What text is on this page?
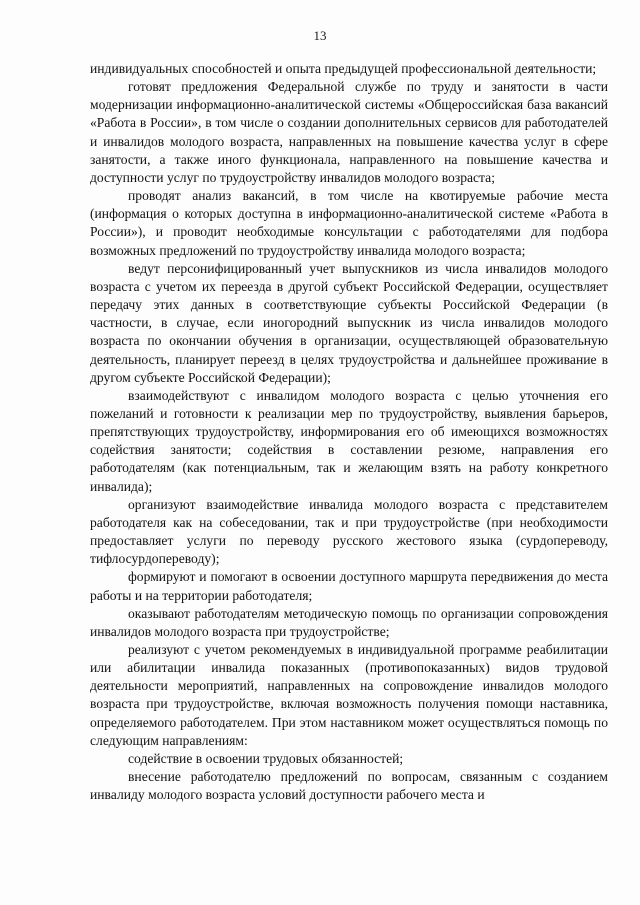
13

индивидуальных способностей и опыта предыдущей профессиональной деятельности;

готовят предложения Федеральной службе по труду и занятости в части модернизации информационно-аналитической системы «Общероссийская база вакансий «Работа в России», в том числе о создании дополнительных сервисов для работодателей и инвалидов молодого возраста, направленных на повышение качества услуг в сфере занятости, а также иного функционала, направленного на повышение качества и доступности услуг по трудоустройству инвалидов молодого возраста;

проводят анализ вакансий, в том числе на квотируемые рабочие места (информация о которых доступна в информационно-аналитической системе «Работа в России»), и проводит необходимые консультации с работодателями для подбора возможных предложений по трудоустройству инвалида молодого возраста;

ведут персонифицированный учет выпускников из числа инвалидов молодого возраста с учетом их переезда в другой субъект Российской Федерации, осуществляет передачу этих данных в соответствующие субъекты Российской Федерации (в частности, в случае, если иногородний выпускник из числа инвалидов молодого возраста по окончании обучения в организации, осуществляющей образовательную деятельность, планирует переезд в целях трудоустройства и дальнейшее проживание в другом субъекте Российской Федерации);

взаимодействуют с инвалидом молодого возраста с целью уточнения его пожеланий и готовности к реализации мер по трудоустройству, выявления барьеров, препятствующих трудоустройству, информирования его об имеющихся возможностях содействия занятости; содействия в составлении резюме, направления его работодателям (как потенциальным, так и желающим взять на работу конкретного инвалида);

организуют взаимодействие инвалида молодого возраста с представителем работодателя как на собеседовании, так и при трудоустройстве (при необходимости предоставляет услуги по переводу русского жестового языка (сурдопереводу, тифлосурдопереводу);

формируют и помогают в освоении доступного маршрута передвижения до места работы и на территории работодателя;

оказывают работодателям методическую помощь по организации сопровождения инвалидов молодого возраста при трудоустройстве;

реализуют с учетом рекомендуемых в индивидуальной программе реабилитации или абилитации инвалида показанных (противопоказанных) видов трудовой деятельности мероприятий, направленных на сопровождение инвалидов молодого возраста при трудоустройстве, включая возможность получения помощи наставника, определяемого работодателем. При этом наставником может осуществляться помощь по следующим направлениям:

содействие в освоении трудовых обязанностей;

внесение работодателю предложений по вопросам, связанным с созданием инвалиду молодого возраста условий доступности рабочего места и
